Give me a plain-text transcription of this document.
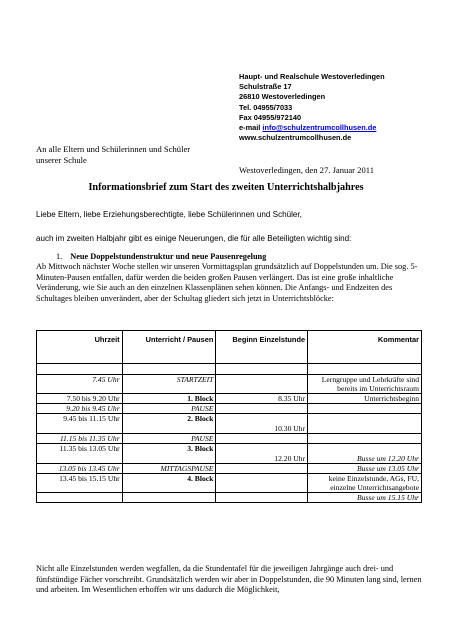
Haupt- und Realschule Westoverledingen
Schulstraße 17
26810 Westoverledingen
Tel. 04955/7033
Fax 04955/972140
e-mail info@schulzentrumcollhusen.de
www.schulzentrumcollhusen.de
An alle Eltern und Schülerinnen und Schüler
unserer Schule
Westoverledingen, den 27. Januar 2011
Informationsbrief zum Start des zweiten Unterrichtshalbjahres
Liebe Eltern, liebe Erziehungsberechtigte, liebe Schülerinnen und Schüler,
auch im zweiten Halbjahr gibt es einige Neuerungen, die für alle Beteiligten wichtig sind:
1. Neue Doppelstundenstruktur und neue Pausenregelung
Ab Mittwoch nächster Woche stellen wir unseren Vormittagsplan grundsätzlich auf Doppelstunden um. Die sog. 5-Minuten-Pausen entfallen, dafür werden die beiden großen Pausen verlängert. Das ist eine große inhaltliche Veränderung, wie Sie auch an den einzelnen Klassenplänen sehen können. Die Anfangs- und Endzeiten des Schultages bleiben unverändert, aber der Schultag gliedert sich jetzt in Unterrichtsblöcke:
Uhrzeit	Unterricht / Pausen	Beginn Einzelstunde	Kommentar

7.45 Uhr	STARTZEIT		Lerngruppe und Lehrkräfte sind bereits im Unterrichtsraum
7.50 bis 9.20 Uhr	1. Block	8.35 Uhr	Unterrichtsbeginn
9.20 bis 9.45 Uhr	PAUSE		
9.45 bis 11.15 Uhr	2. Block	10.30 Uhr	
11.15 bis 11.35 Uhr	PAUSE		
11.35 bis 13.05 Uhr	3. Block	12.20 Uhr	Busse um 12.20 Uhr
13.05 bis 13.45 Uhr	MITTAGSPAUSE		Busse um 13.05 Uhr
13.45 bis 15.15 Uhr	4. Block		keine Einzelstunde, AGs, FU, einzelne Unterrichtsangebote
			Busse um 15.15 Uhr
Nicht alle Einzelstunden werden wegfallen, da die Stundentafel für die jeweiligen Jahrgänge auch drei- und fünfstündige Fächer vorschreibt. Grundsätzlich werden wir aber in Doppelstunden, die 90 Minuten lang sind, lernen und arbeiten. Im Wesentlichen erhoffen wir uns dadurch die Möglichkeit,
